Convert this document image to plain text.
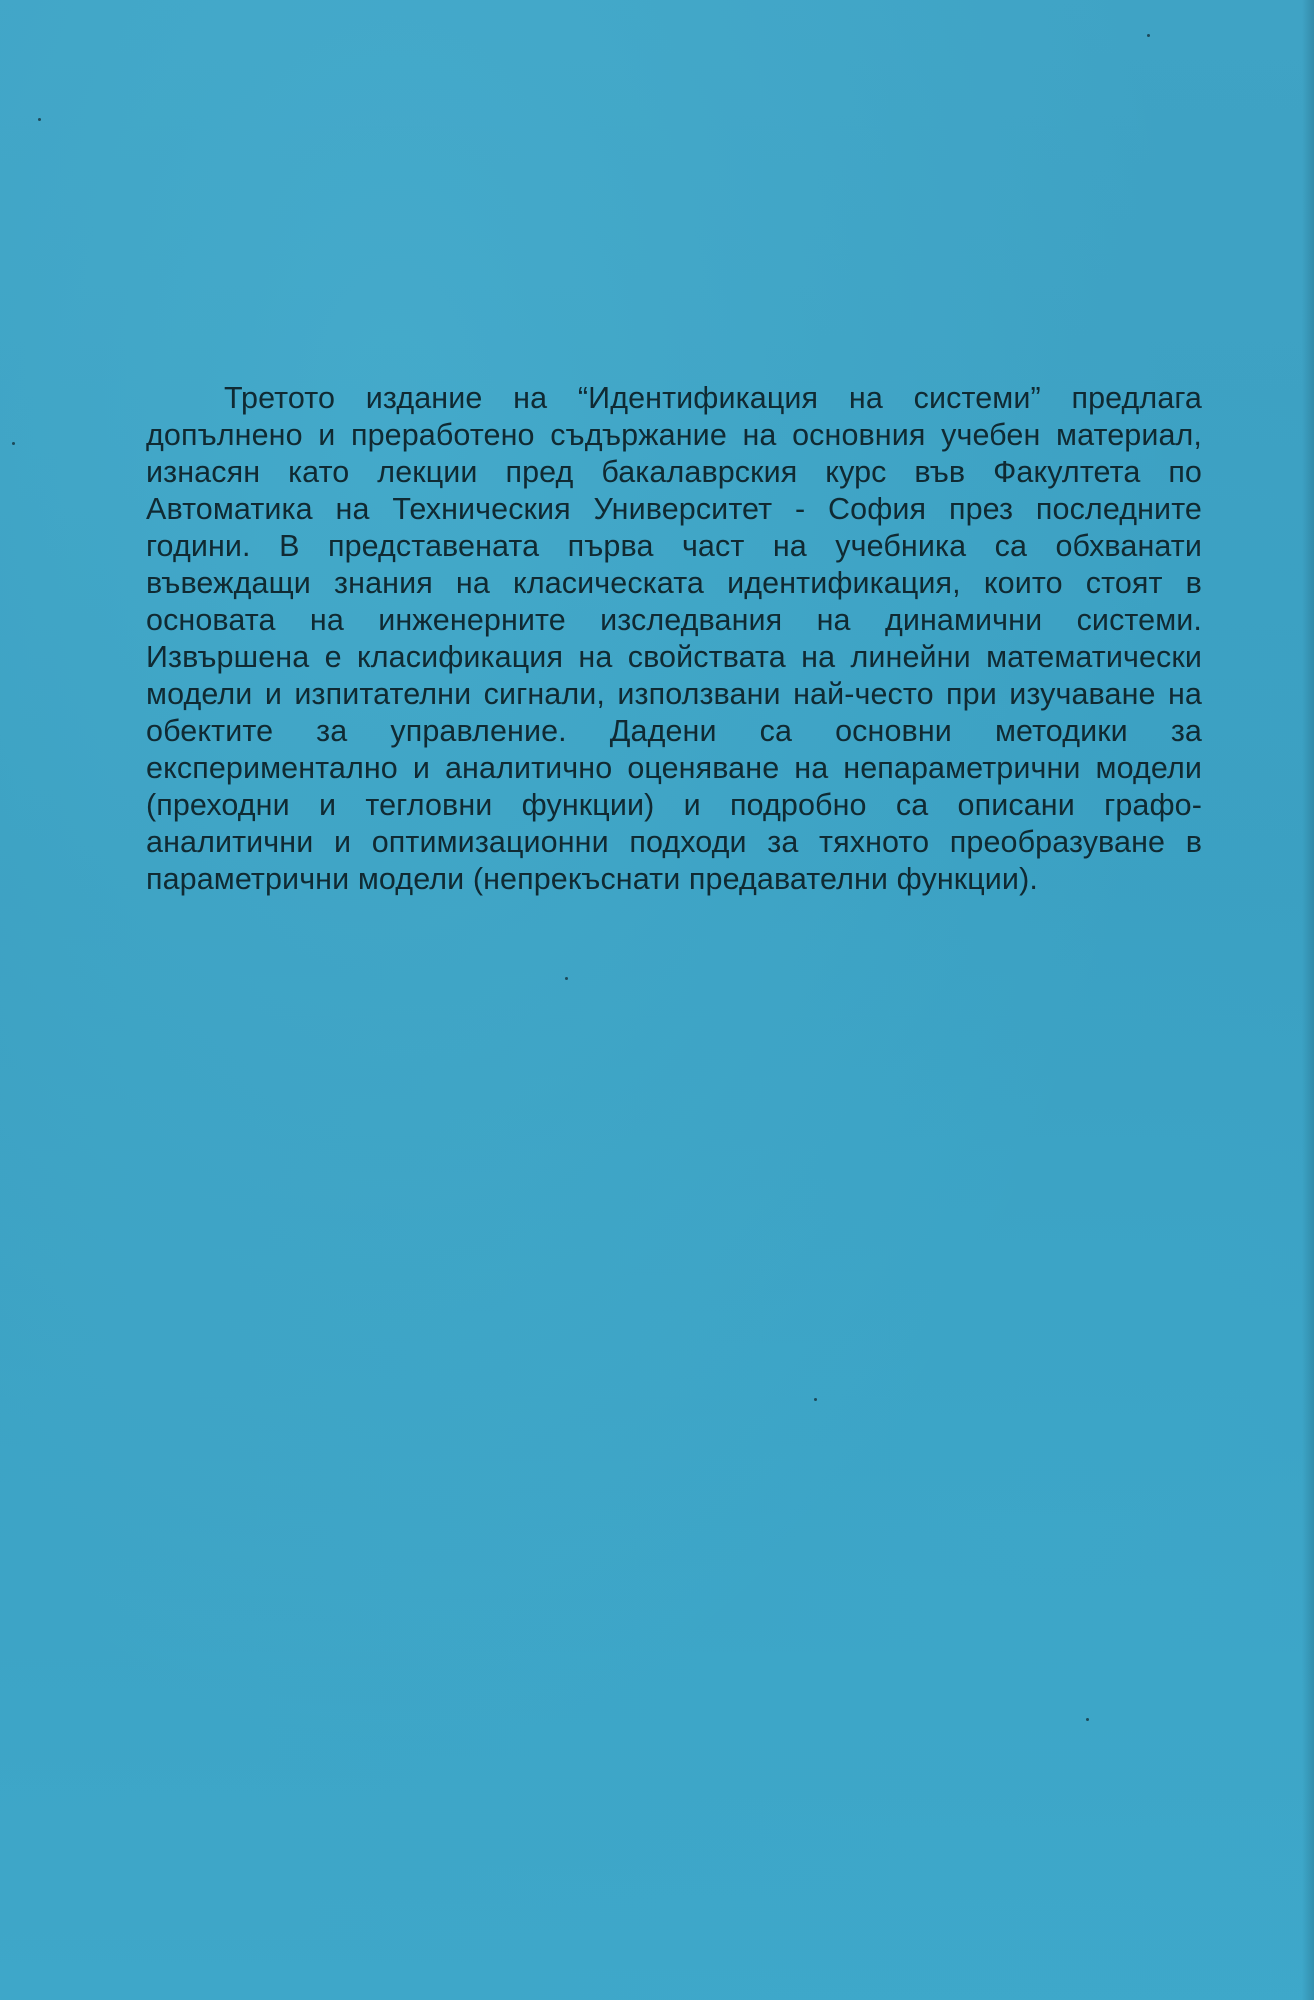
Третото издание на “Идентификация на системи” предлага допълнено и преработено съдържание на основния учебен материал, изнасян като лекции пред бакалаврския курс във Факултета по Автоматика на Техническия Университет - София през последните години. В представената първа част на учебника са обхванати въвеждащи знания на класическата идентификация, които стоят в основата на инженерните изследвания на динамични системи. Извършена е класификация на свойствата на линейни математически модели и изпитателни сигнали, използвани най-често при изучаване на обектите за управление. Дадени са основни методики за експериментално и аналитично оценяване на непараметрични модели (преходни и тегловни функции) и подробно са описани графо-аналитични и оптимизационни подходи за тяхното преобразуване в параметрични модели (непрекъснати предавателни функции).
